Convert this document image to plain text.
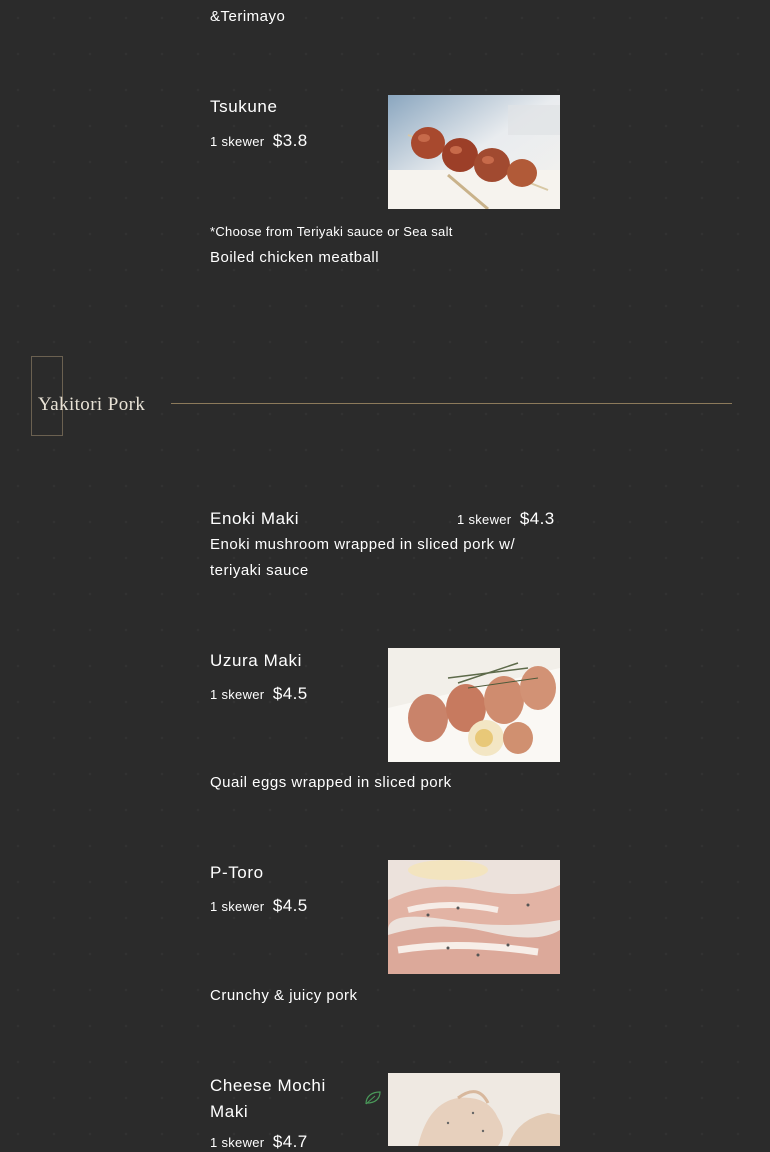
&Terimayo
Tsukune
1 skewer $3.8
*Choose from Teriyaki sauce or Sea salt
Boiled chicken meatball
Yakitori Pork
Enoki Maki	1 skewer $4.3
Enoki mushroom wrapped in sliced pork w/ teriyaki sauce
Uzura Maki
1 skewer $4.5
Quail eggs wrapped in sliced pork
P-Toro
1 skewer $4.5
Crunchy & juicy pork
Cheese Mochi Maki
1 skewer $4.7
